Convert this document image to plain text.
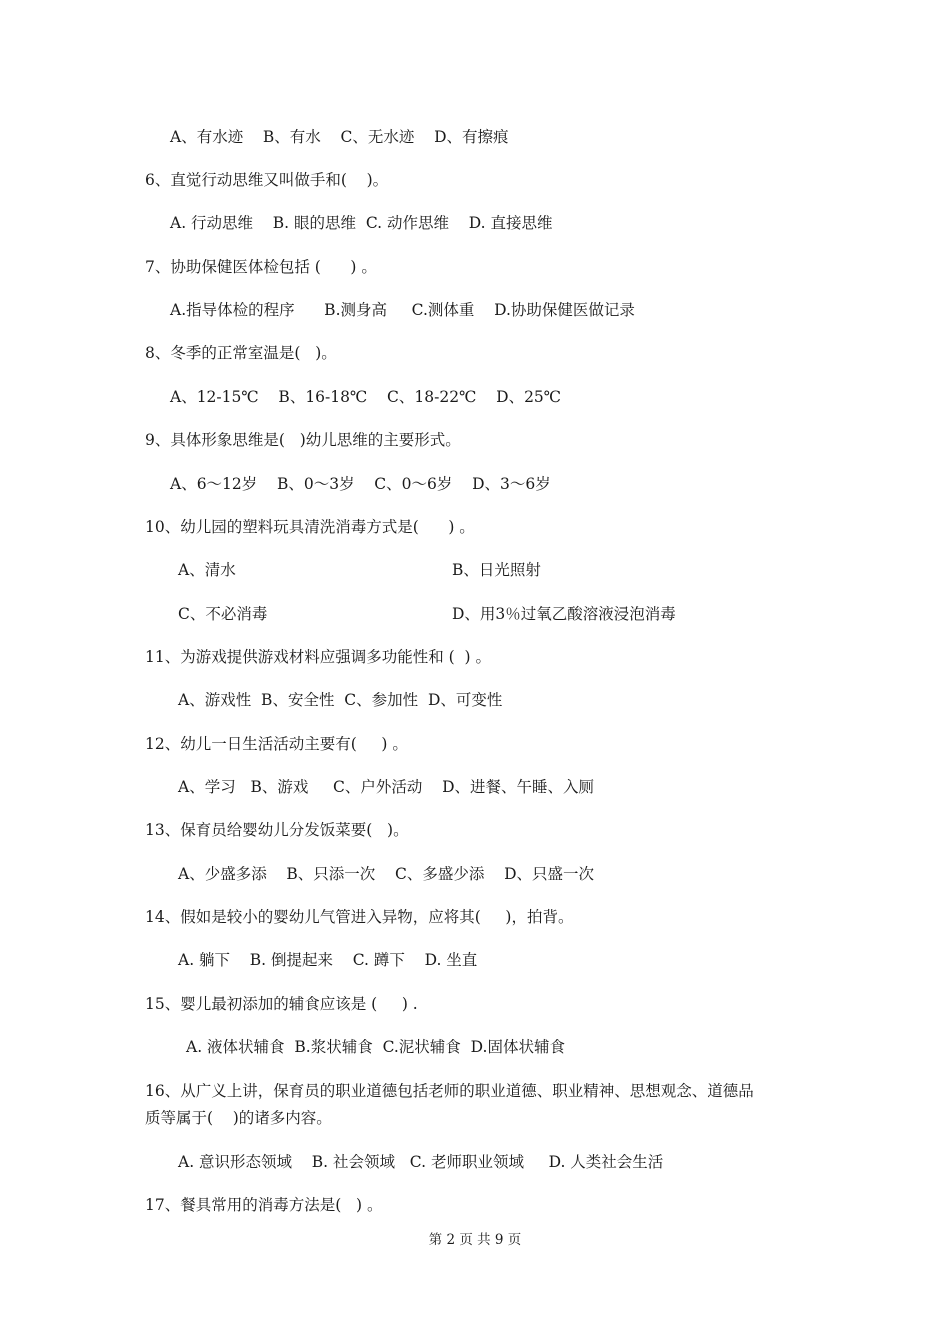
A、有水迹    B、有水    C、无水迹    D、有擦痕
6、直觉行动思维又叫做手和(    )。
A. 行动思维    B. 眼的思维  C. 动作思维    D. 直接思维
7、协助保健医体检包括 (      ) 。
A.指导体检的程序      B.测身高     C.测体重    D.协助保健医做记录
8、冬季的正常室温是(   )。
A、12-15℃    B、16-18℃    C、18-22℃    D、25℃
9、具体形象思维是(   )幼儿思维的主要形式。
A、6～12岁    B、0～3岁    C、0～6岁    D、3～6岁
10、幼儿园的塑料玩具清洗消毒方式是(      ) 。
A、清水	B、日光照射
C、不必消毒	D、用3％过氧乙酸溶液浸泡消毒
11、为游戏提供游戏材料应强调多功能性和 (  ) 。
A、游戏性  B、安全性  C、参加性  D、可变性
12、幼儿一日生活活动主要有(     ) 。
A、学习   B、游戏     C、户外活动    D、进餐、午睡、入厕
13、保育员给婴幼儿分发饭菜要(   )。
A、少盛多添    B、只添一次    C、多盛少添    D、只盛一次
14、假如是较小的婴幼儿气管进入异物，应将其(     )，拍背。
A. 躺下    B. 倒提起来    C. 蹲下    D. 坐直
15、婴儿最初添加的辅食应该是 (     ) .
A. 液体状辅食  B.浆状辅食  C.泥状辅食  D.固体状辅食
16、从广义上讲，保育员的职业道德包括老师的职业道德、职业精神、思想观念、道德品
质等属于(    )的诸多内容。
A. 意识形态领域    B. 社会领域   C. 老师职业领域     D. 人类社会生活
17、餐具常用的消毒方法是(   ) 。
第 2 页 共 9 页
